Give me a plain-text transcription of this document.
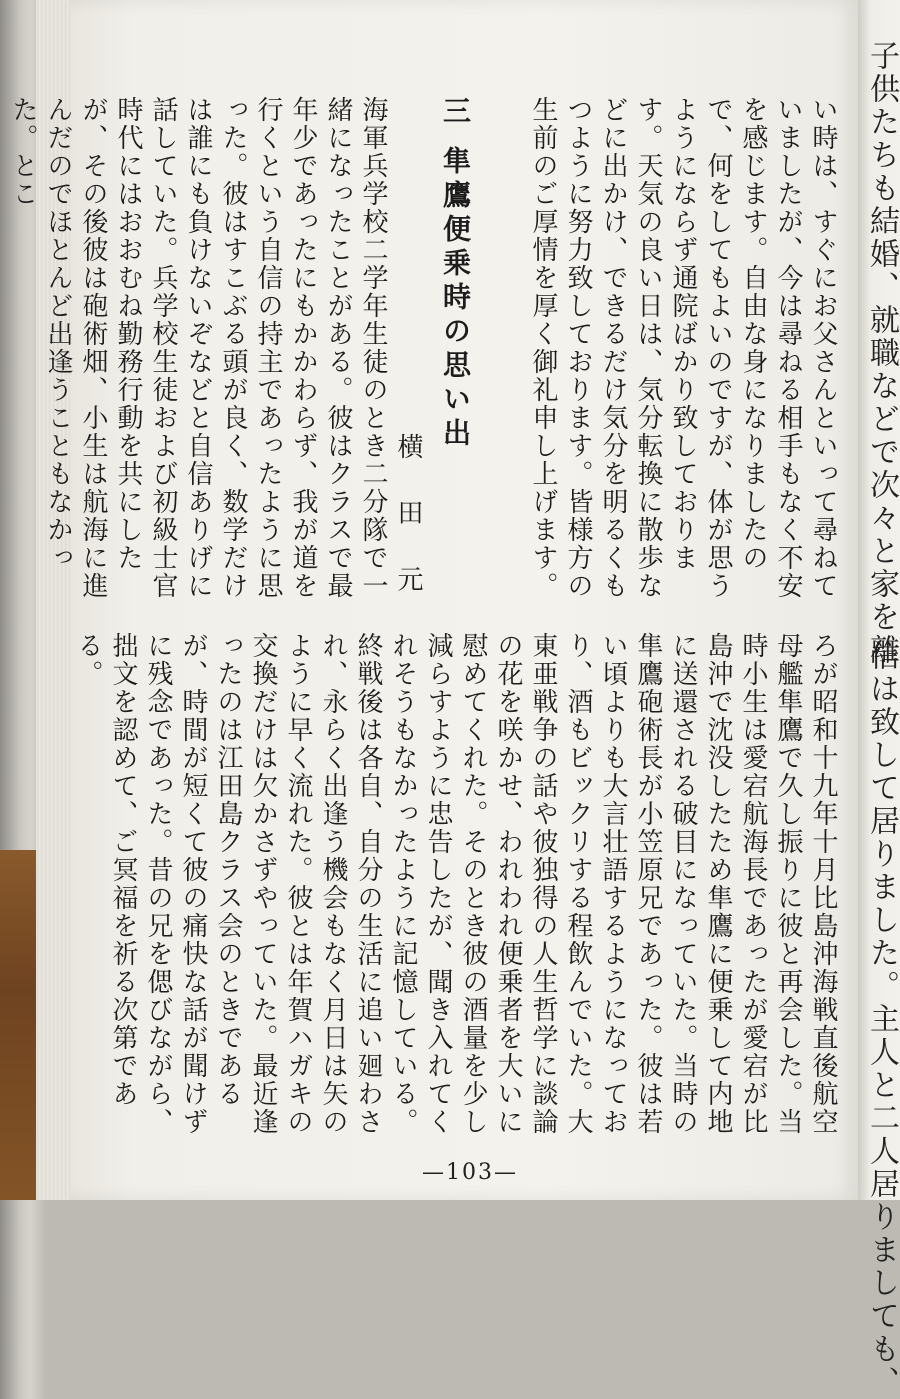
子供たちも結婚、就職などで次々と家を離
信は致して居りました。主人と二人居りましても、

い時は、すぐにお父さんといって尋ねていましたが、今は尋ねる相手もなく不安を感じます。自由な身になりましたので、何をしてもよいのですが、体が思うようにならず通院ばかり致しております。天気の良い日は、気分転換に散歩などに出かけ、できるだけ気分を明るくもつように努力致しております。皆様方の生前のご厚情を厚く御礼申し上げます。

三 隼鷹便乗時の思い出

横 田 元

海軍兵学校二学年生徒のとき二分隊で一緒になったことがある。彼はクラスで最年少であったにもかかわらず、我が道を行くという自信の持主であったように思った。彼はすこぶる頭が良く、数学だけは誰にも負けないぞなどと自信ありげに話していた。兵学校生徒および初級士官時代にはおおむね勤務行動を共にしたが、その後彼は砲術畑、小生は航海に進んだのでほとんど出逢うこともなかった。とこ

ろが昭和十九年十月比島沖海戦直後航空母艦隼鷹で久し振りに彼と再会した。当時小生は愛宕航海長であったが愛宕が比島沖で沈没したため隼鷹に便乗して内地に送還される破目になっていた。当時の隼鷹砲術長が小笠原兄であった。彼は若い頃よりも大言壮語するようになっており、酒もビックリする程飲んでいた。大東亜戦争の話や彼独得の人生哲学に談論の花を咲かせ、われわれ便乗者を大いに慰めてくれた。そのとき彼の酒量を少し減らすように忠告したが、聞き入れてくれそうもなかったように記憶している。終戦後は各自、自分の生活に追い廻わされ、永らく出逢う機会もなく月日は矢のように早く流れた。彼とは年賀ハガキの交換だけは欠かさずやっていた。最近逢ったのは江田島クラス会のときであるが、時間が短くて彼の痛快な話が聞けずに残念であった。昔の兄を偲びながら、拙文を認めて、ご冥福を祈る次第である。

—103—
